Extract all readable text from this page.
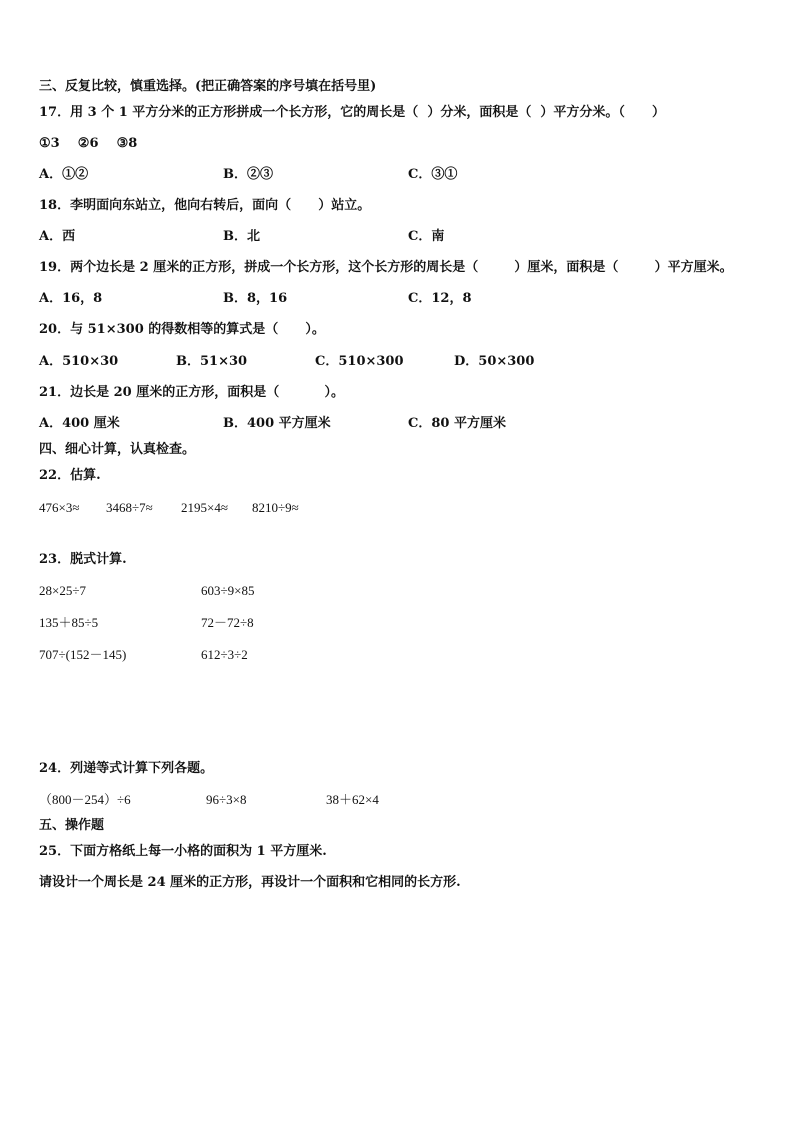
三、反复比较，慎重选择。(把正确答案的序号填在括号里)
17．用 3 个 1 平方分米的正方形拼成一个长方形，它的周长是（  ）分米，面积是（  ）平方分米。（      ）
①3    ②6    ③8
A．①②	B．②③	C．③①
18．李明面向东站立，他向右转后，面向（      ）站立。
A．西	B．北	C．南
19．两个边长是 2 厘米的正方形，拼成一个长方形，这个长方形的周长是（        ）厘米，面积是（        ）平方厘米。
A．16，8	B．8，16	C．12，8
20．与 51×300 的得数相等的算式是（      ）。
A．510×30	B．51×30	C．510×300	D．50×300
21．边长是 20 厘米的正方形，面积是（          ）。
A．400 厘米	B．400 平方厘米	C．80 平方厘米
四、细心计算，认真检查。
22．估算.
476×3≈ 3468÷7≈ 2195×4≈ 8210÷9≈
23．脱式计算.
28×25÷7	603÷9×85
135＋85÷5	72－72÷8
707÷(152－145)	612÷3÷2
24．列递等式计算下列各题。
（800－254）÷6	96÷3×8	38＋62×4
五、操作题
25．下面方格纸上每一小格的面积为 1 平方厘米.
请设计一个周长是 24 厘米的正方形，再设计一个面积和它相同的长方形.
